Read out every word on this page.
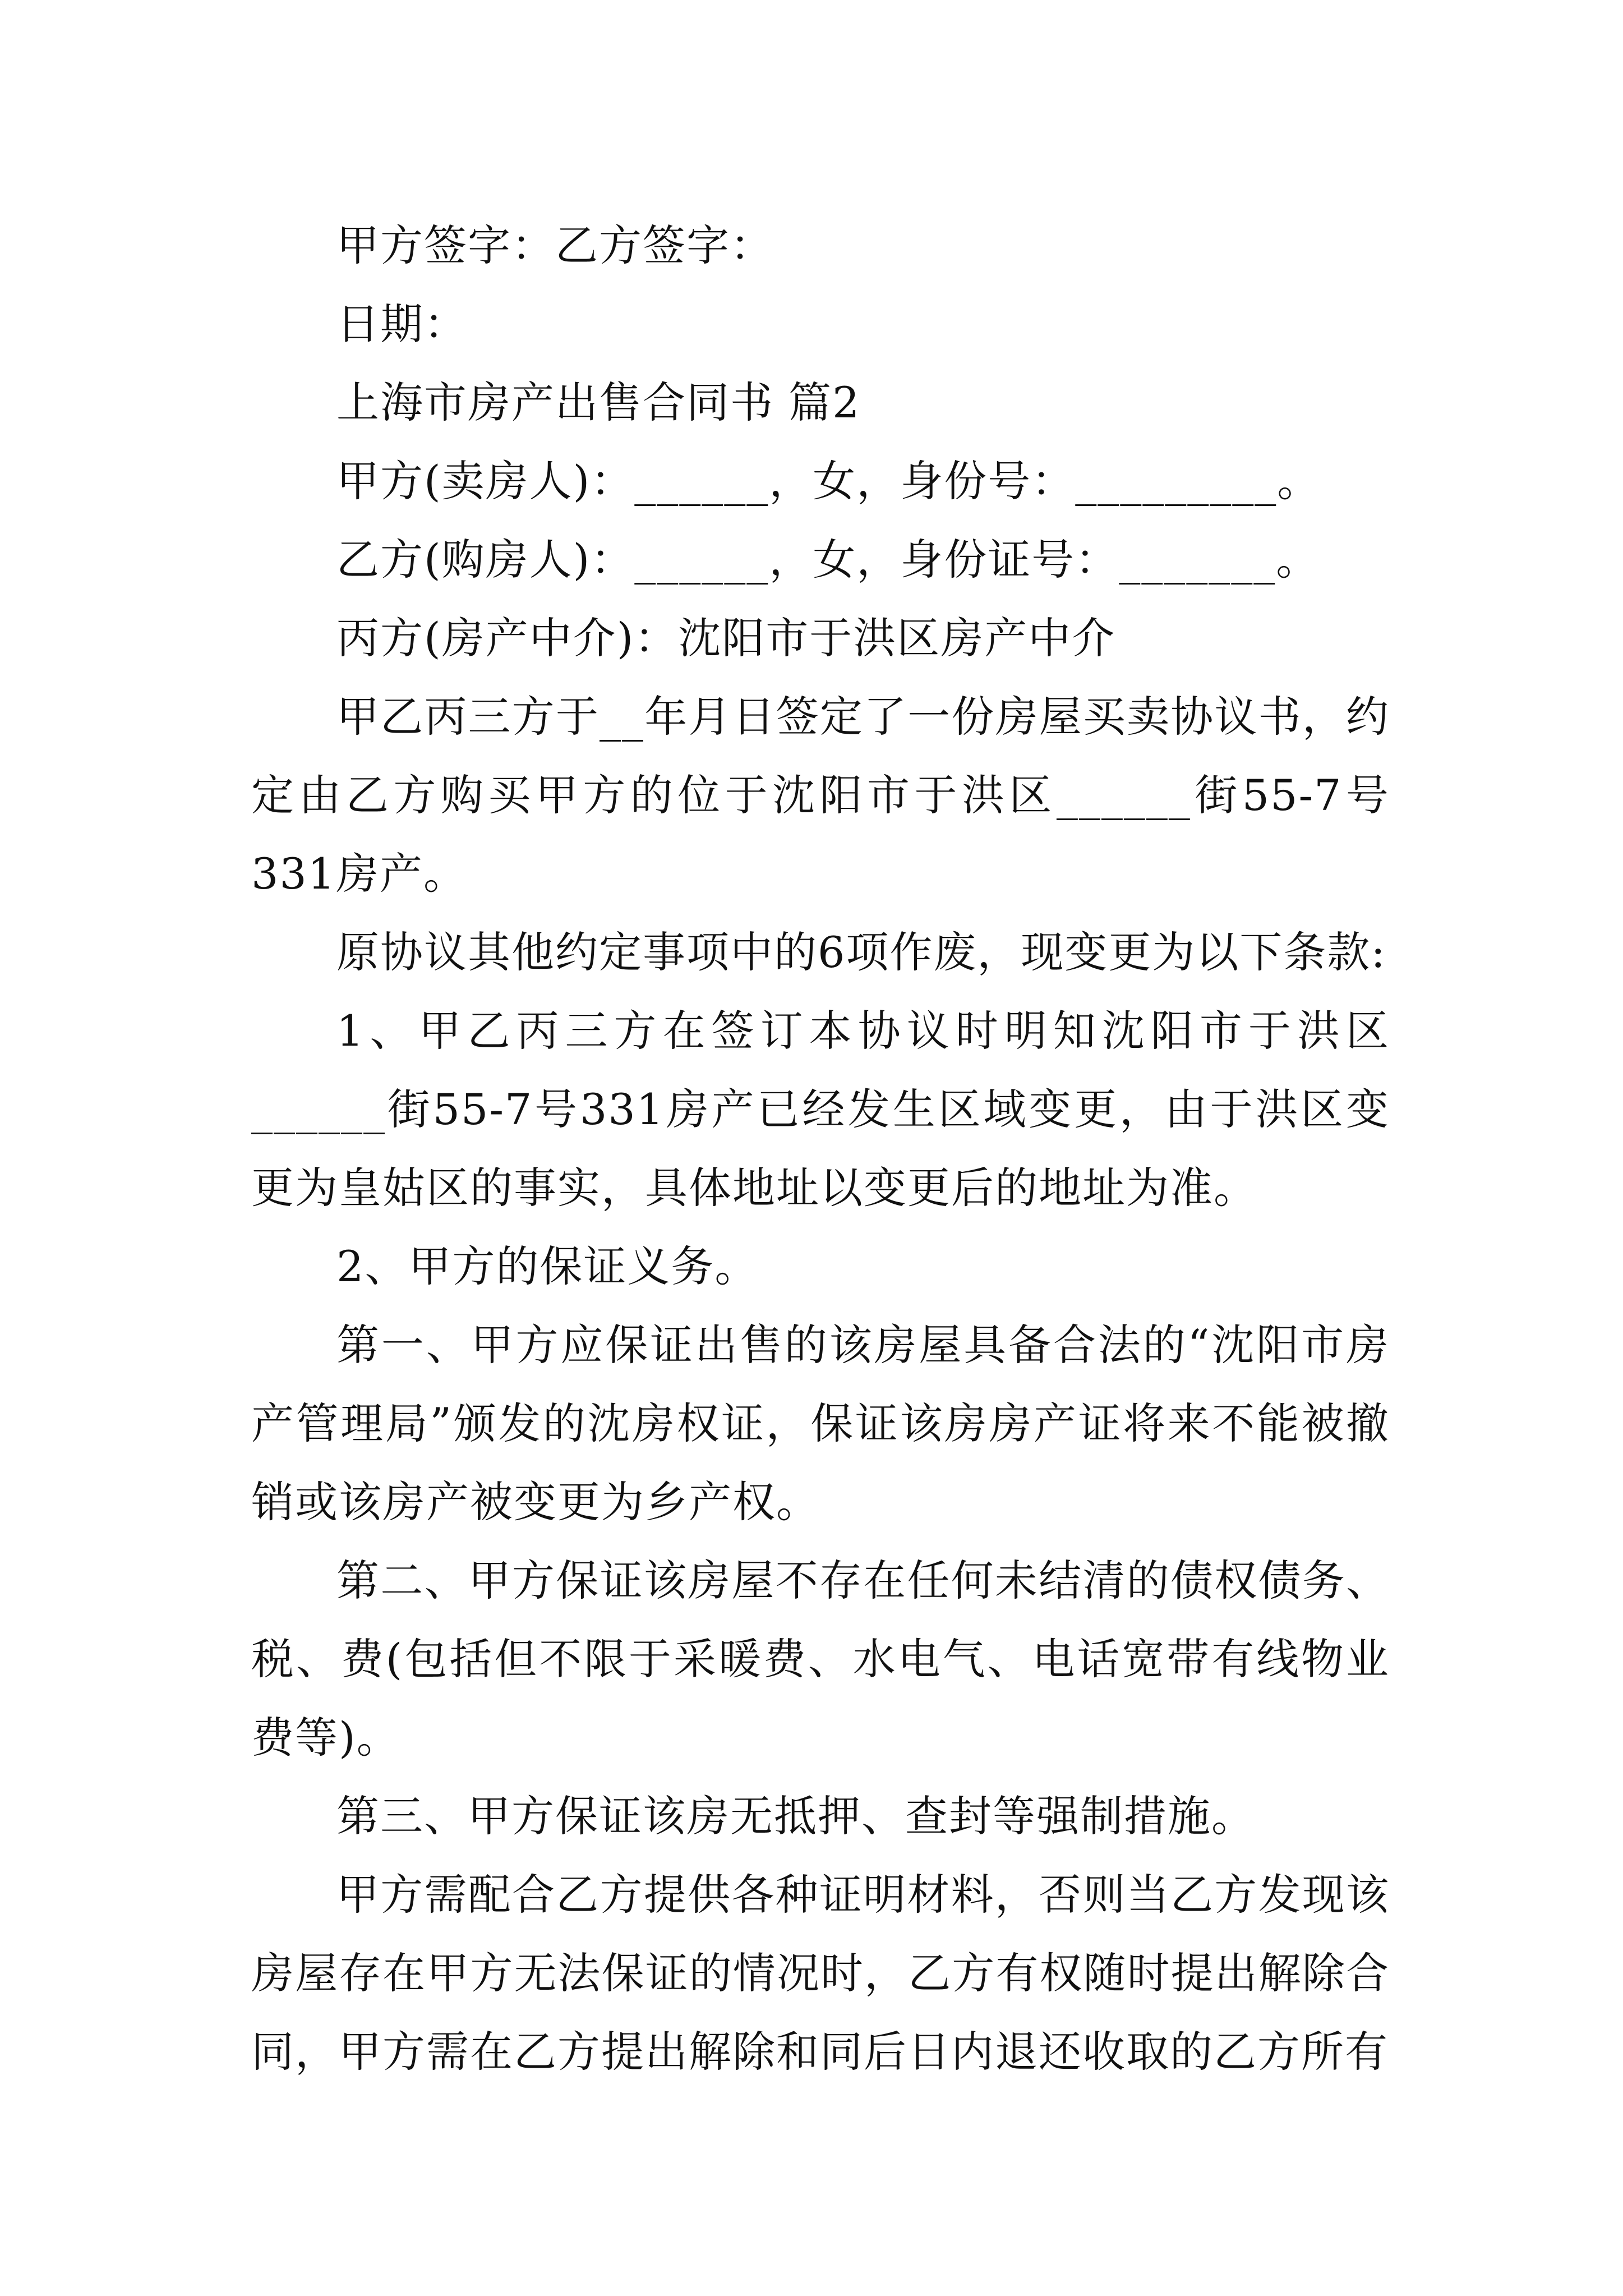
甲方签字：乙方签字：

日期：

上海市房产出售合同书 篇2

甲方(卖房人)：______，女，身份号：_________。

乙方(购房人)：______，女，身份证号：_______。

丙方(房产中介)：沈阳市于洪区房产中介

甲乙丙三方于__年月日签定了一份房屋买卖协议书，约定由乙方购买甲方的位于沈阳市于洪区______街55-7号331房产。

原协议其他约定事项中的6项作废，现变更为以下条款:

1、甲乙丙三方在签订本协议时明知沈阳市于洪区______街55-7号331房产已经发生区域变更，由于洪区变更为皇姑区的事实，具体地址以变更后的地址为准。

2、甲方的保证义务。

第一、甲方应保证出售的该房屋具备合法的“沈阳市房产管理局”颁发的沈房权证，保证该房房产证将来不能被撤销或该房产被变更为乡产权。

第二、甲方保证该房屋不存在任何未结清的债权债务、税、费(包括但不限于采暖费、水电气、电话宽带有线物业费等)。

第三、甲方保证该房无抵押、查封等强制措施。

甲方需配合乙方提供各种证明材料，否则当乙方发现该房屋存在甲方无法保证的情况时，乙方有权随时提出解除合同，甲方需在乙方提出解除和同后日内退还收取的乙方所有
